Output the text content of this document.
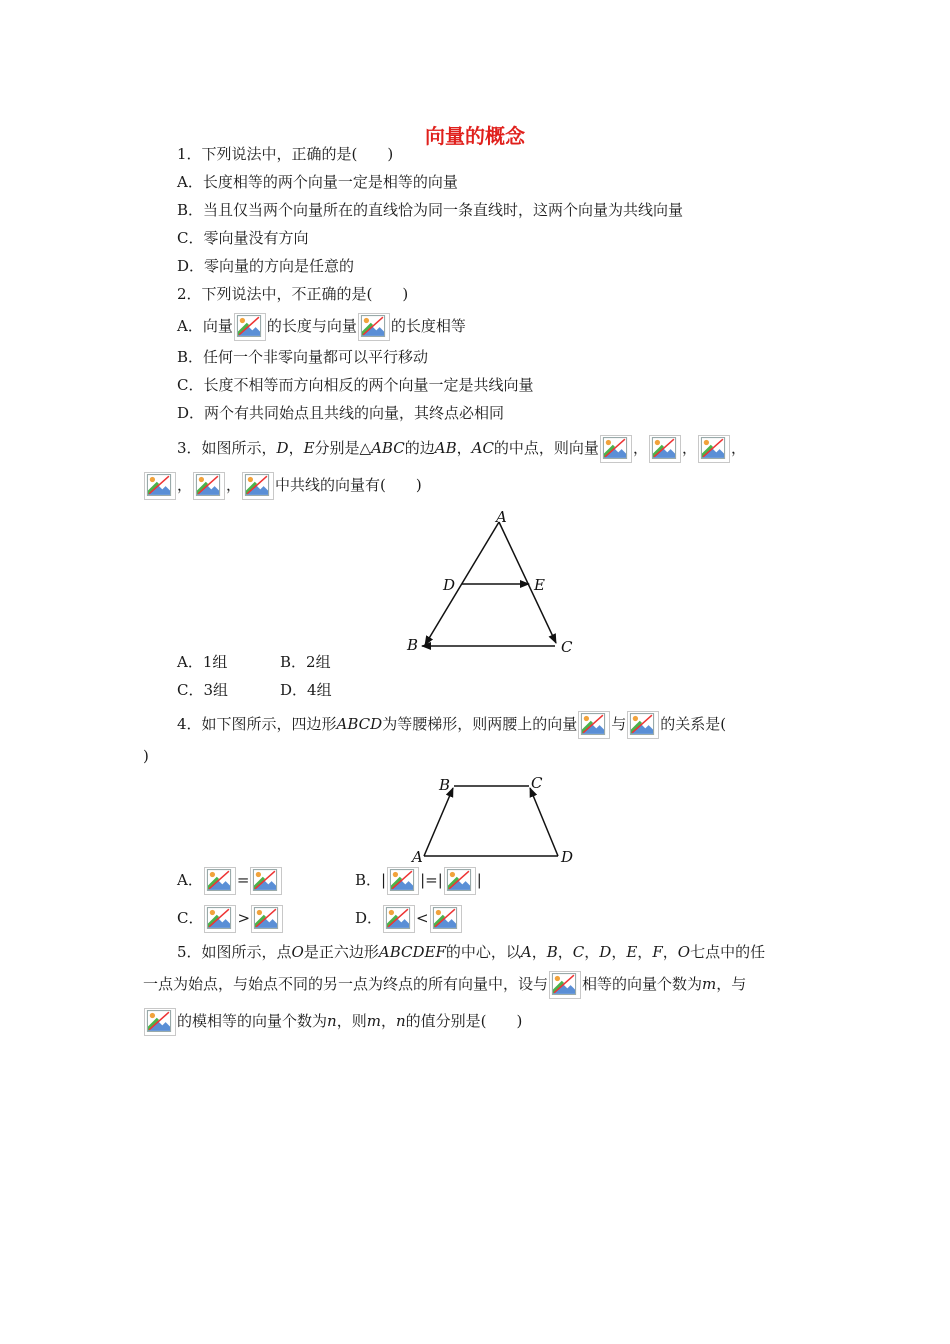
向量的概念
1．下列说法中，正确的是(　　)
A．长度相等的两个向量一定是相等的向量
B．当且仅当两个向量所在的直线恰为同一条直线时，这两个向量为共线向量
C．零向量没有方向
D．零向量的方向是任意的
2．下列说法中，不正确的是(　　)
A．向量 的长度与向量 的长度相等
B．任何一个非零向量都可以平行移动
C．长度不相等而方向相反的两个向量一定是共线向量
D．两个有共同始点且共线的向量，其终点必相同
3．如图所示，D，E分别是△ABC的边AB，AC的中点，则向量 ， ， ，
， ， 中共线的向量有(　　)
A
D	E
B	C
A．1组	B．2组
C．3组	D．4组
4．如下图所示，四边形ABCD为等腰梯形，则两腰上的向量 与 的关系是(
)
B	C
A	D
A． =	B．| |=| |
C． >	D． <
5．如图所示，点O是正六边形ABCDEF的中心，以A，B，C，D，E，F，O七点中的任
一点为始点，与始点不同的另一点为终点的所有向量中，设与 相等的向量个数为m，与
的模相等的向量个数为n，则m，n的值分别是(　　)
